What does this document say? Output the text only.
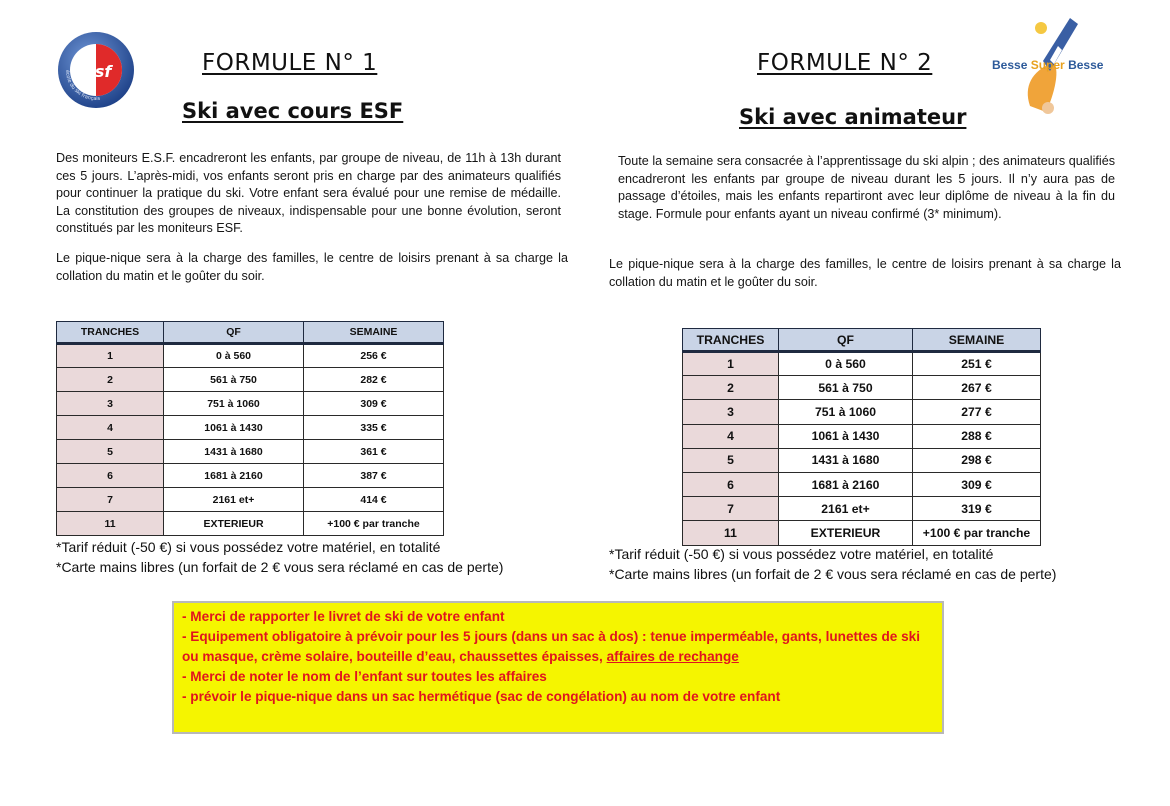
esf
école du ski français
Besse Super Besse
FORMULE N° 1
Ski avec cours ESF
Des moniteurs E.S.F. encadreront les enfants, par groupe de niveau, de 11h à 13h durant ces 5 jours. L’après-midi, vos enfants seront pris en charge par des animateurs qualifiés pour continuer la pratique du ski. Votre enfant sera évalué pour une remise de médaille. La constitution des groupes de niveaux, indispensable pour une bonne évolution, seront constitués par les moniteurs ESF.
Le pique-nique sera à la charge des familles, le centre de loisirs prenant à sa charge la collation du matin et le goûter du soir.
TRANCHES	QF	SEMAINE
1	0 à 560	256 €
2	561 à 750	282 €
3	751 à 1060	309 €
4	1061 à 1430	335 €
5	1431 à 1680	361 €
6	1681 à 2160	387 €
7	2161 et+	414 €
11	EXTERIEUR	+100 € par tranche
*Tarif réduit (-50 €) si vous possédez votre matériel, en totalité
*Carte mains libres (un forfait de 2 € vous sera réclamé en cas de perte)
FORMULE N° 2
Ski avec animateur
Toute la semaine sera consacrée à l’apprentissage du ski alpin ; des animateurs qualifiés encadreront les enfants par groupe de niveau durant les 5 jours. Il n’y aura pas de passage d’étoiles, mais les enfants repartiront avec leur diplôme de niveau à la fin du stage. Formule pour enfants ayant un niveau confirmé (3* minimum).
Le pique-nique sera à la charge des familles, le centre de loisirs prenant à sa charge la collation du matin et le goûter du soir.
TRANCHES	QF	SEMAINE
1	0 à 560	251 €
2	561 à 750	267 €
3	751 à 1060	277 €
4	1061 à 1430	288 €
5	1431 à 1680	298 €
6	1681 à 2160	309 €
7	2161 et+	319 €
11	EXTERIEUR	+100 € par tranche
*Tarif réduit (-50 €) si vous possédez votre matériel, en totalité
*Carte mains libres (un forfait de 2 € vous sera réclamé en cas de perte)
- Merci de rapporter le livret de ski de votre enfant
- Equipement obligatoire à prévoir pour les 5 jours (dans un sac à dos) : tenue imperméable, gants, lunettes de ski ou masque, crème solaire, bouteille d’eau, chaussettes épaisses, affaires de rechange
- Merci de noter le nom de l’enfant sur toutes les affaires
- prévoir le pique-nique dans un sac hermétique (sac de congélation) au nom de votre enfant
